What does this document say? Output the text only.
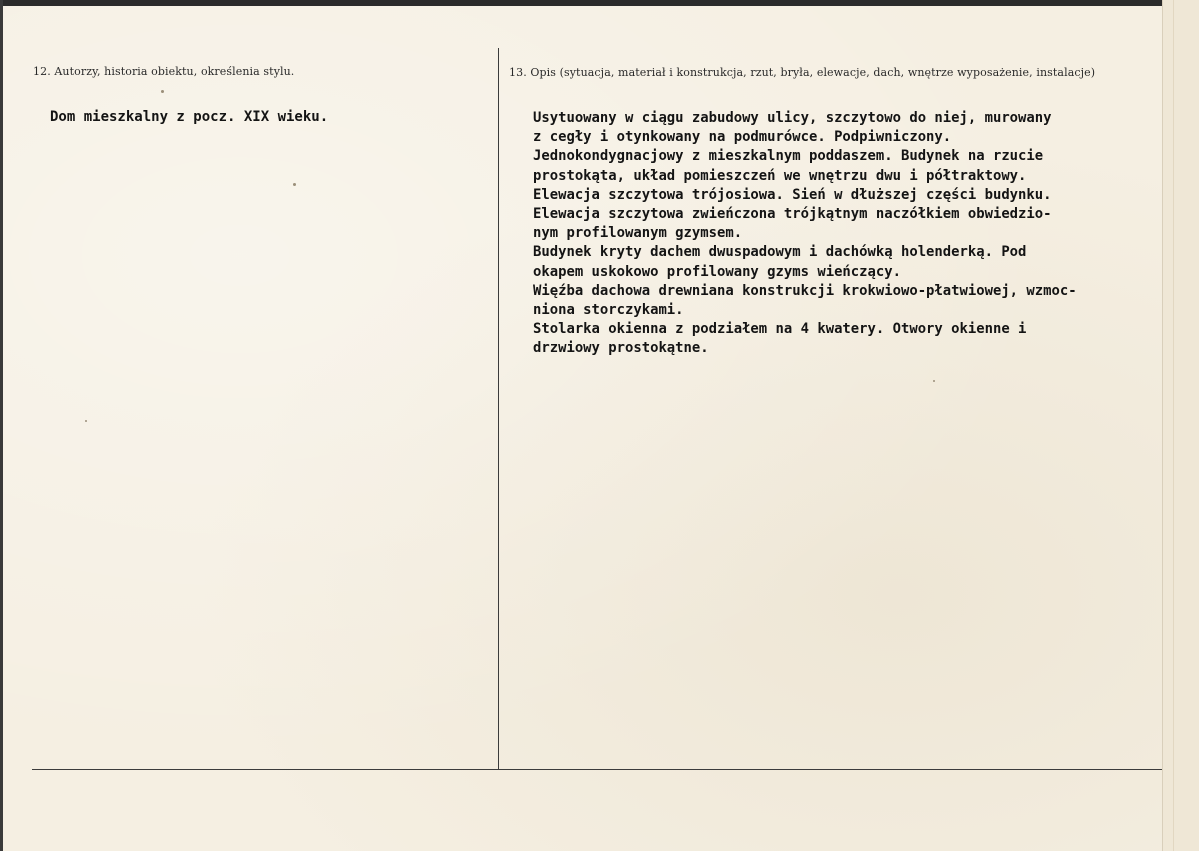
12. Autorzy, historia obiektu, określenia stylu.
Dom mieszkalny z pocz. XIX wieku.
13. Opis (sytuacja, materiał i konstrukcja, rzut, bryła, elewacje, dach, wnętrze wyposażenie, instalacje)
Usytuowany w ciągu zabudowy ulicy, szczytowo do niej, murowany
z cegły i otynkowany na podmurówce. Podpiwniczony.
Jednokondygnacjowy z mieszkalnym poddaszem. Budynek na rzucie
prostokąta, układ pomieszczeń we wnętrzu dwu i półtraktowy.
Elewacja szczytowa trójosiowa. Sień w dłuższej części budynku.
Elewacja szczytowa zwieńczona trójkątnym naczółkiem obwiedzio-
nym profilowanym gzymsem.
Budynek kryty dachem dwuspadowym i dachówką holenderką. Pod
okapem uskokowo profilowany gzyms wieńczący.
Więźba dachowa drewniana konstrukcji krokwiowo-płatwiowej, wzmoc-
niona storczykami.
Stolarka okienna z podziałem na 4 kwatery. Otwory okienne i
drzwiowy prostokątne.
